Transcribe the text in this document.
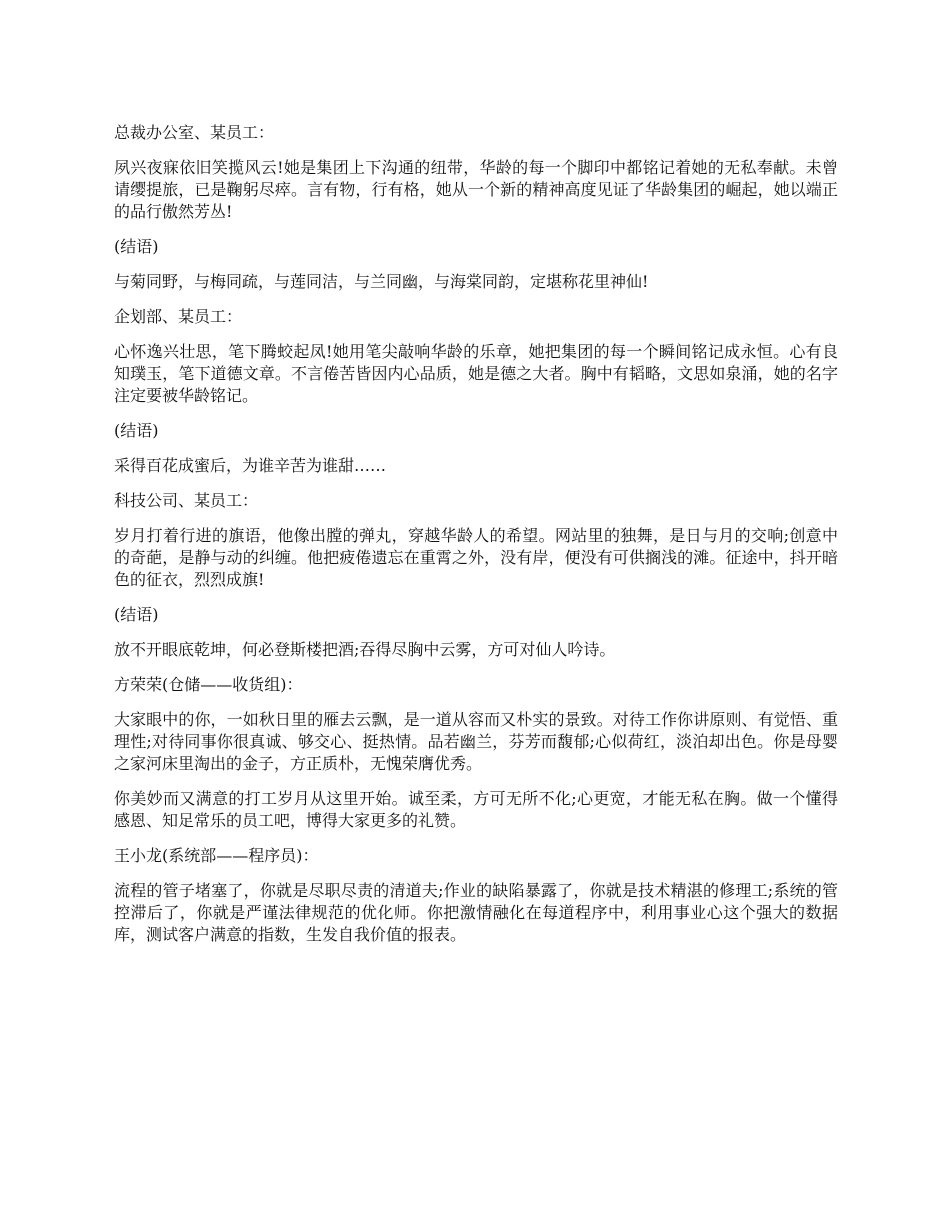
总裁办公室、某员工：

夙兴夜寐依旧笑揽风云!她是集团上下沟通的纽带，华龄的每一个脚印中都铭记着她的无私奉献。未曾请缨提旅，已是鞠躬尽瘁。言有物，行有格，她从一个新的精神高度见证了华龄集团的崛起，她以端正的品行傲然芳丛!

(结语)

与菊同野，与梅同疏，与莲同洁，与兰同幽，与海棠同韵，定堪称花里神仙!

企划部、某员工：

心怀逸兴壮思，笔下腾蛟起凤!她用笔尖敲响华龄的乐章，她把集团的每一个瞬间铭记成永恒。心有良知璞玉，笔下道德文章。不言倦苦皆因内心品质，她是德之大者。胸中有韬略，文思如泉涌，她的名字注定要被华龄铭记。

(结语)

采得百花成蜜后，为谁辛苦为谁甜……

科技公司、某员工：

岁月打着行进的旗语，他像出膛的弹丸，穿越华龄人的希望。网站里的独舞，是日与月的交响;创意中的奇葩，是静与动的纠缠。他把疲倦遗忘在重霄之外，没有岸，便没有可供搁浅的滩。征途中，抖开暗色的征衣，烈烈成旗!

(结语)

放不开眼底乾坤，何必登斯楼把酒;吞得尽胸中云雾，方可对仙人吟诗。

方荣荣(仓储——收货组)：

大家眼中的你，一如秋日里的雁去云飘，是一道从容而又朴实的景致。对待工作你讲原则、有觉悟、重理性;对待同事你很真诚、够交心、挺热情。品若幽兰，芬芳而馥郁;心似荷红，淡泊却出色。你是母婴之家河床里淘出的金子，方正质朴，无愧荣膺优秀。

你美妙而又满意的打工岁月从这里开始。诚至柔，方可无所不化;心更宽，才能无私在胸。做一个懂得感恩、知足常乐的员工吧，博得大家更多的礼赞。

王小龙(系统部——程序员)：

流程的管子堵塞了，你就是尽职尽责的清道夫;作业的缺陷暴露了，你就是技术精湛的修理工;系统的管控滞后了，你就是严谨法律规范的优化师。你把激情融化在每道程序中，利用事业心这个强大的数据库，测试客户满意的指数，生发自我价值的报表。
